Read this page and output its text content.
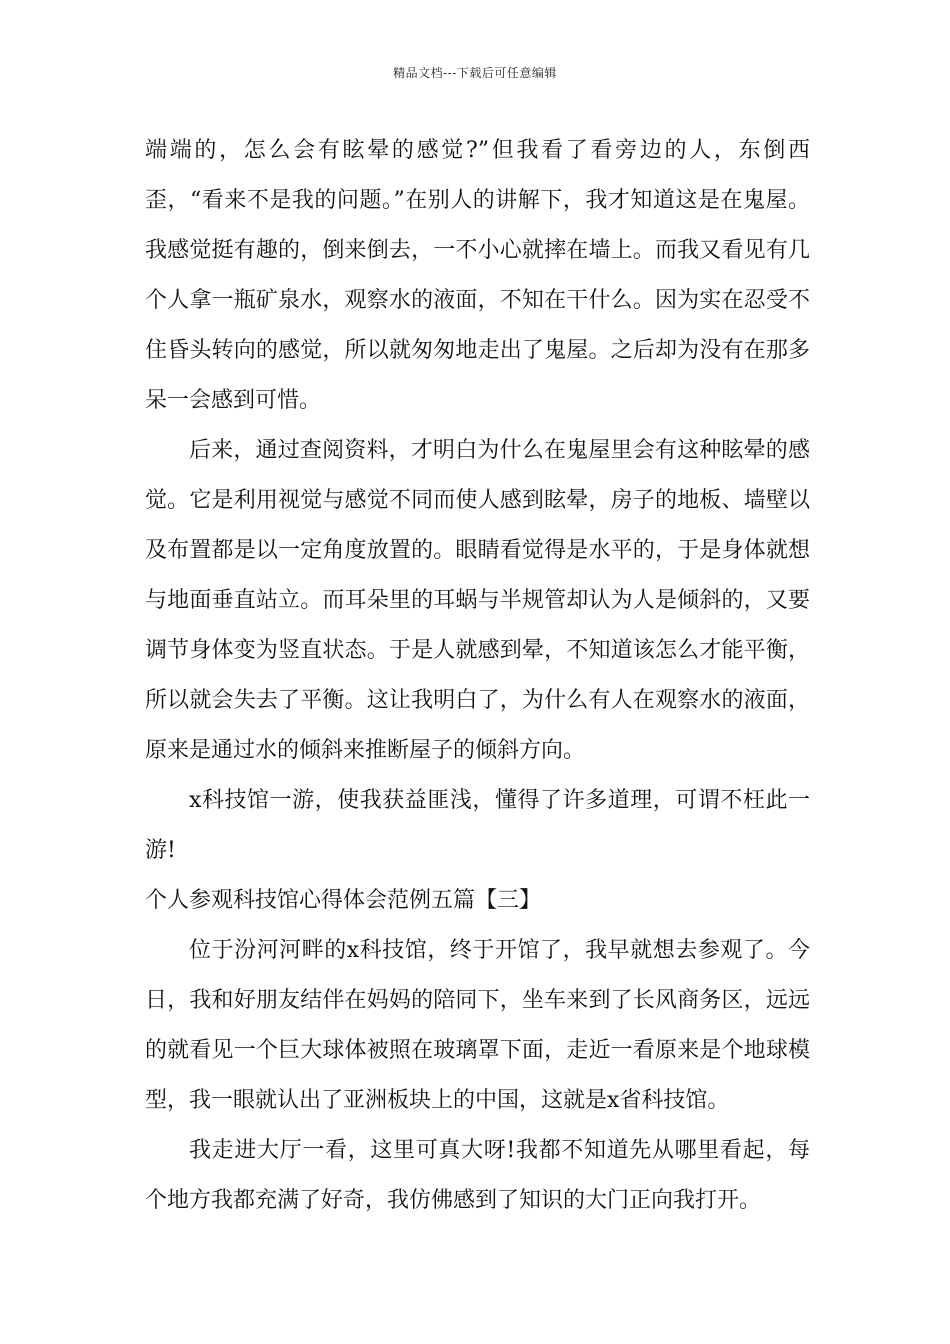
精品文档---下载后可任意编辑

端端的，怎么会有眩晕的感觉?”但我看了看旁边的人，东倒西歪，“看来不是我的问题。”在别人的讲解下，我才知道这是在鬼屋。我感觉挺有趣的，倒来倒去，一不小心就摔在墙上。而我又看见有几个人拿一瓶矿泉水，观察水的液面，不知在干什么。因为实在忍受不住昏头转向的感觉，所以就匆匆地走出了鬼屋。之后却为没有在那多呆一会感到可惜。

后来，通过查阅资料，才明白为什么在鬼屋里会有这种眩晕的感觉。它是利用视觉与感觉不同而使人感到眩晕，房子的地板、墙壁以及布置都是以一定角度放置的。眼睛看觉得是水平的，于是身体就想与地面垂直站立。而耳朵里的耳蜗与半规管却认为人是倾斜的，又要调节身体变为竖直状态。于是人就感到晕，不知道该怎么才能平衡，所以就会失去了平衡。这让我明白了，为什么有人在观察水的液面，原来是通过水的倾斜来推断屋子的倾斜方向。

x科技馆一游，使我获益匪浅，懂得了许多道理，可谓不枉此一游!

个人参观科技馆心得体会范例五篇【三】

位于汾河河畔的x科技馆，终于开馆了，我早就想去参观了。今日，我和好朋友结伴在妈妈的陪同下，坐车来到了长风商务区，远远的就看见一个巨大球体被照在玻璃罩下面，走近一看原来是个地球模型，我一眼就认出了亚洲板块上的中国，这就是x省科技馆。

我走进大厅一看，这里可真大呀!我都不知道先从哪里看起，每个地方我都充满了好奇，我仿佛感到了知识的大门正向我打开。
